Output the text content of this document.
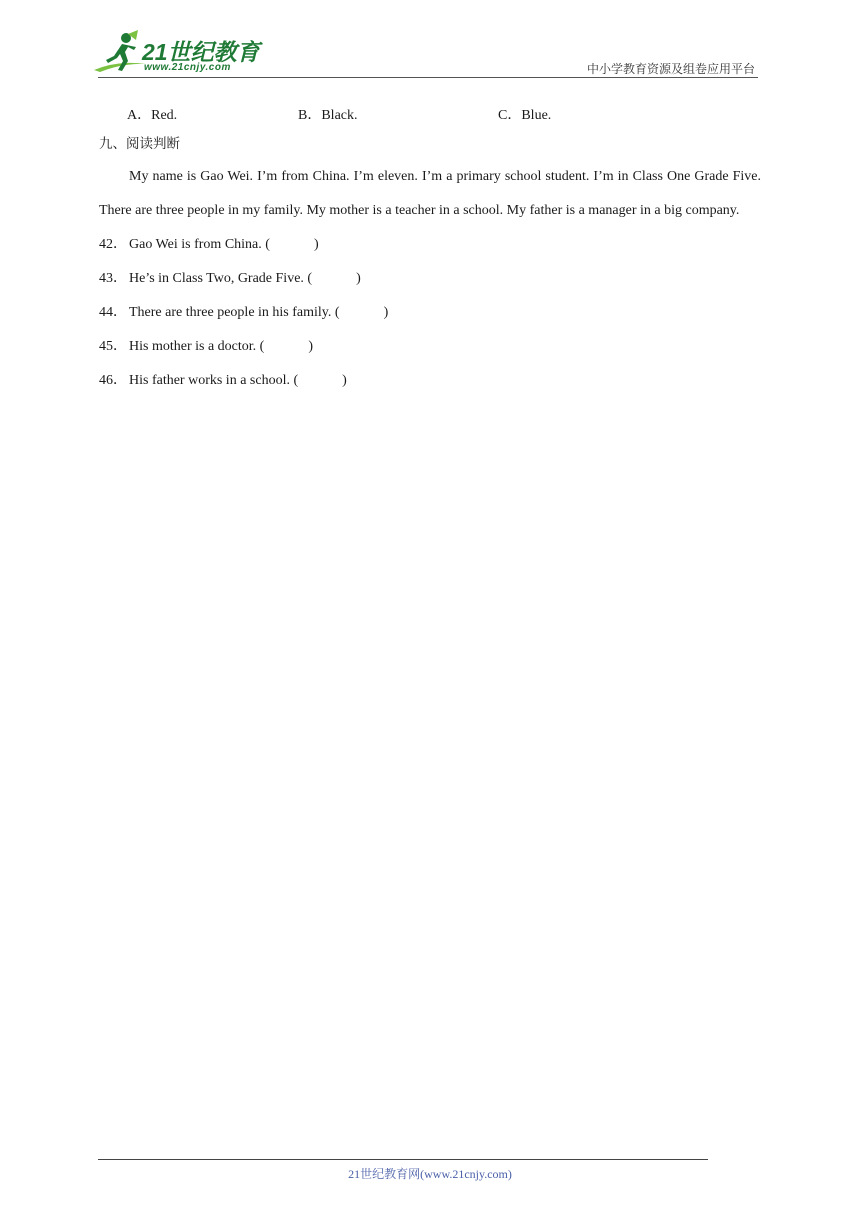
21世纪教育
www.21cnjy.com	中小学教育资源及组卷应用平台
A．Red.	B．Black.	C．Blue.
九、阅读判断

My name is Gao Wei. I’m from China. I’m eleven. I’m a primary school student. I’m in Class One Grade Five. There are three people in my family. My mother is a teacher in a school. My father is a manager in a big company.

42． Gao Wei is from China. (	)
43． He’s in Class Two, Grade Five. (	)
44． There are three people in his family. (	)
45． His mother is a doctor. (	)
46． His father works in a school. (	)
21世纪教育网(www.21cnjy.com)
